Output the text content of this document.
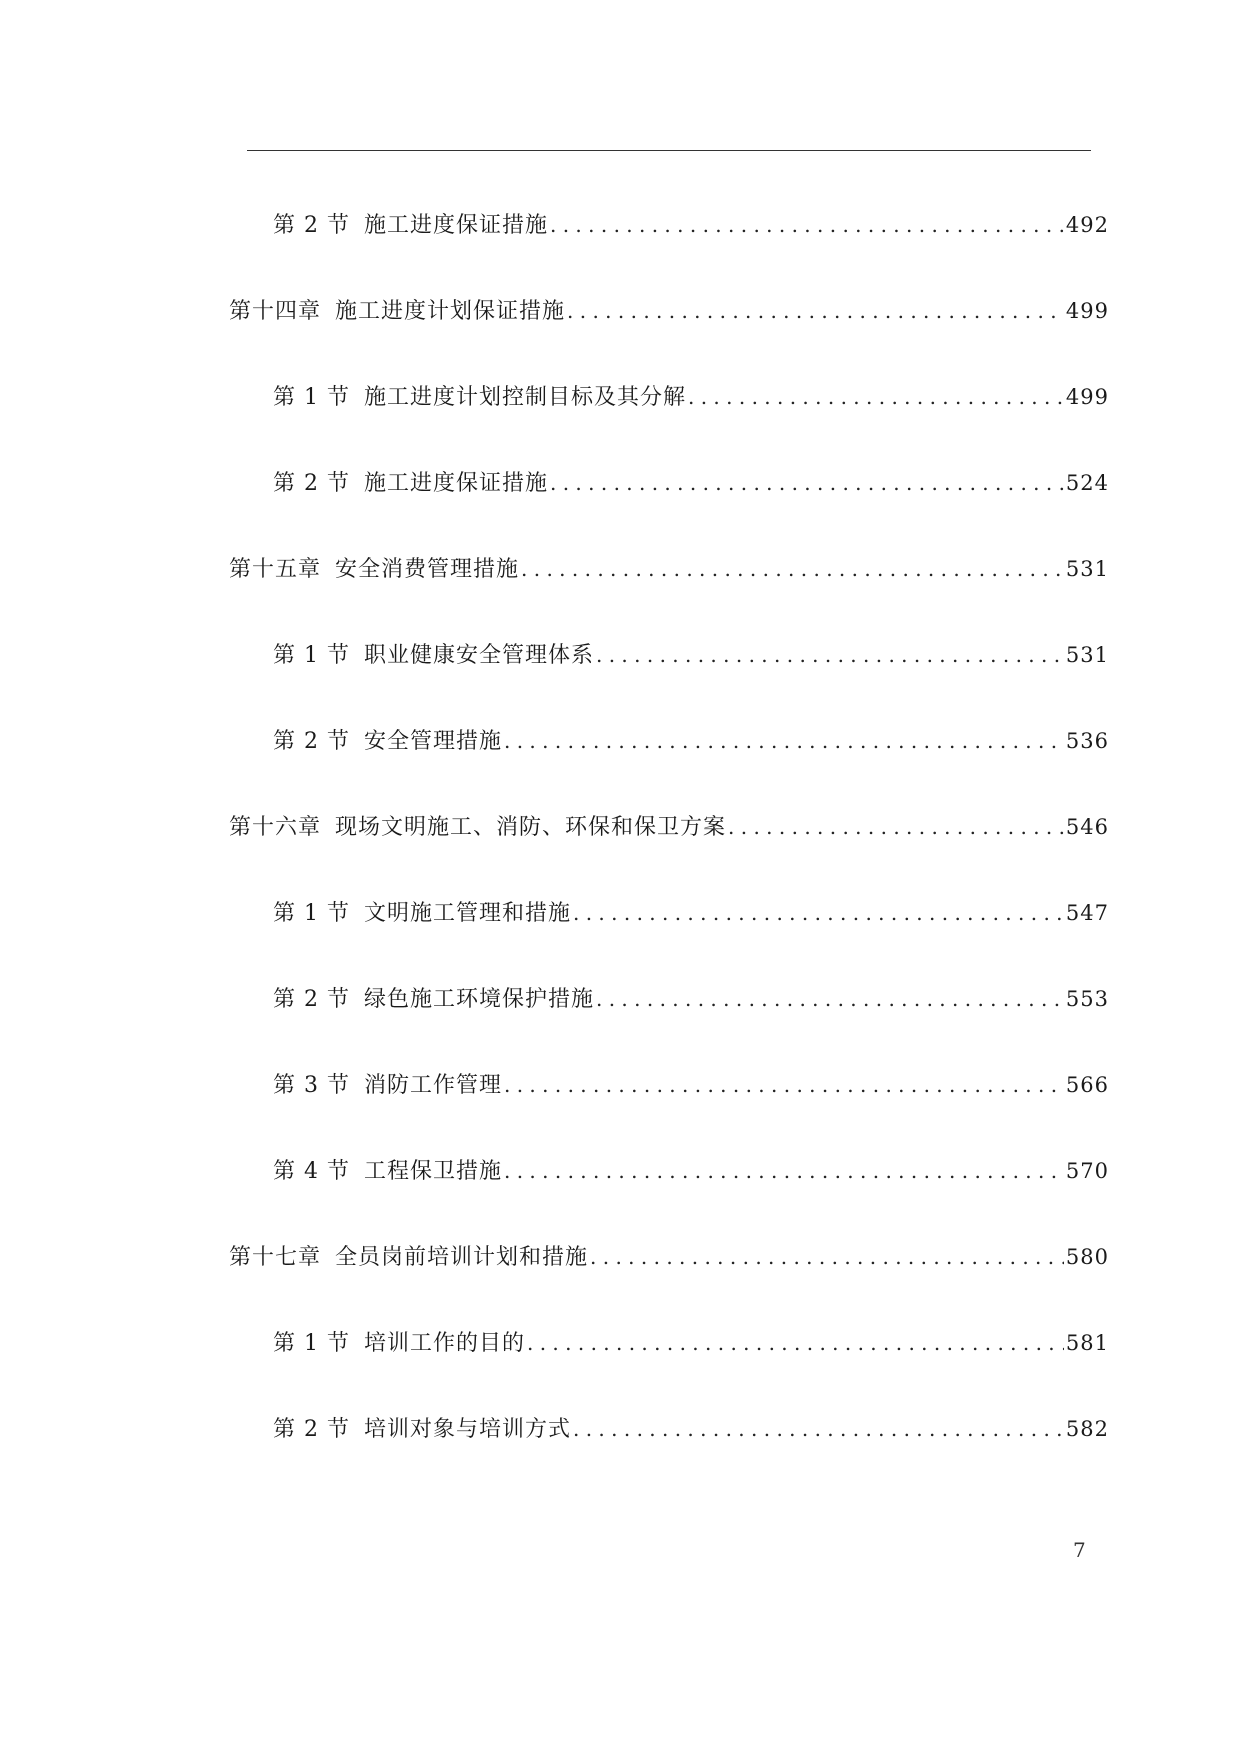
第 2 节 施工进度保证措施 . . .	492
第十四章 施工进度计划保证措施 . . .	499
第 1 节 施工进度计划控制目标及其分解 . . .	499
第 2 节 施工进度保证措施 . . .	524
第十五章 安全消费管理措施 . . .	531
第 1 节 职业健康安全管理体系 . . .	531
第 2 节 安全管理措施 . . .	536
第十六章 现场文明施工、消防、环保和保卫方案 . . .	546
第 1 节 文明施工管理和措施 . . .	547
第 2 节 绿色施工环境保护措施 . . .	553
第 3 节 消防工作管理 . . .	566
第 4 节 工程保卫措施 . . .	570
第十七章 全员岗前培训计划和措施 . . .	580
第 1 节 培训工作的目的 . . .	581
第 2 节 培训对象与培训方式 . . .	582
7
